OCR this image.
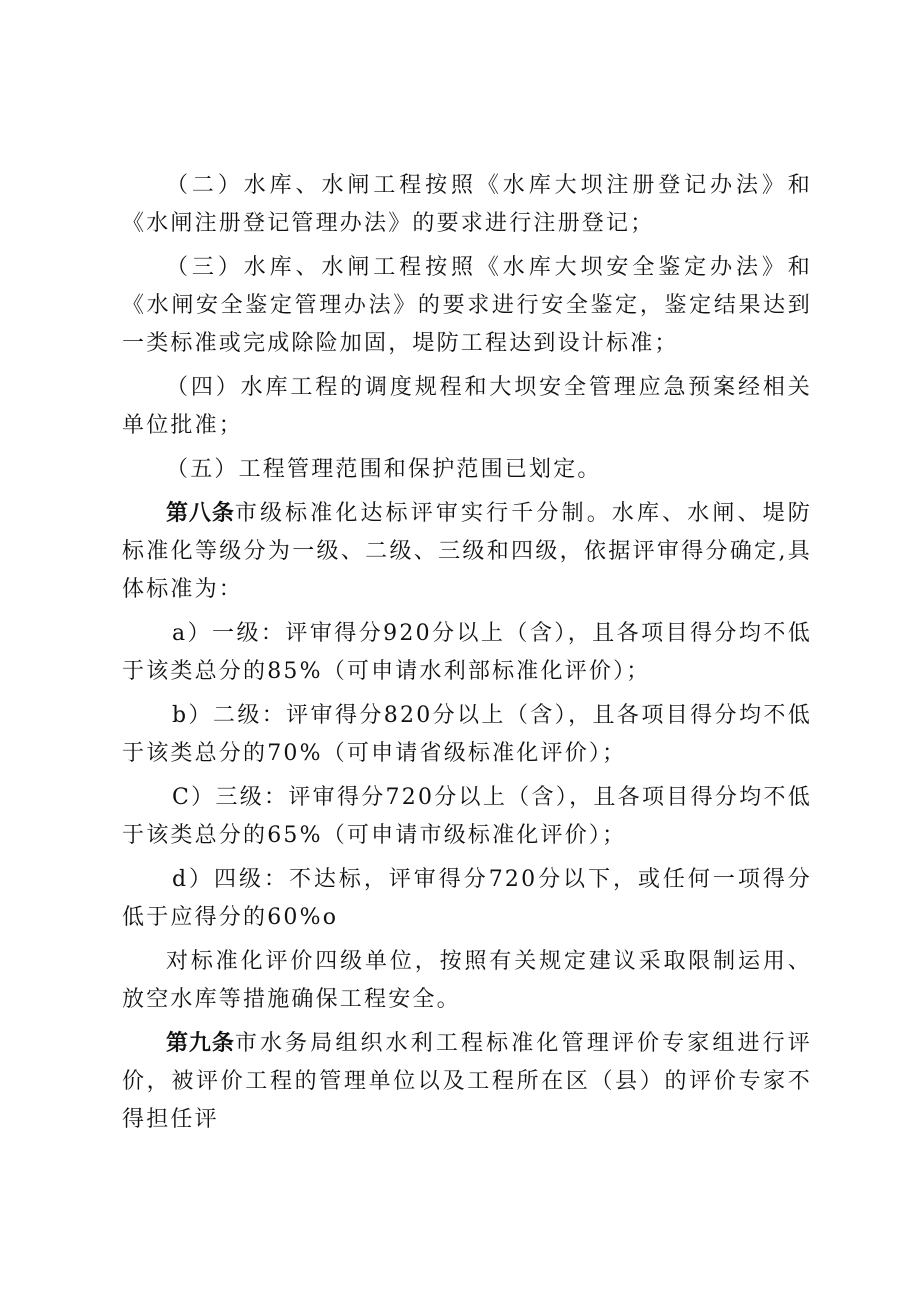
（二）水库、水闸工程按照《水库大坝注册登记办法》和《水闸注册登记管理办法》的要求进行注册登记；

（三）水库、水闸工程按照《水库大坝安全鉴定办法》和《水闸安全鉴定管理办法》的要求进行安全鉴定，鉴定结果达到一类标准或完成除险加固，堤防工程达到设计标准；

（四）水库工程的调度规程和大坝安全管理应急预案经相关单位批准；

（五）工程管理范围和保护范围已划定。

第八条市级标准化达标评审实行千分制。水库、水闸、堤防标准化等级分为一级、二级、三级和四级，依据评审得分确定,具体标准为：

a）一级：评审得分920分以上（含），且各项目得分均不低于该类总分的85%（可申请水利部标准化评价）；

b）二级：评审得分820分以上（含），且各项目得分均不低于该类总分的70%（可申请省级标准化评价）；

C）三级：评审得分720分以上（含），且各项目得分均不低于该类总分的65%（可申请市级标准化评价）；

d）四级：不达标，评审得分720分以下，或任何一项得分低于应得分的60%o

对标准化评价四级单位，按照有关规定建议采取限制运用、放空水库等措施确保工程安全。

第九条市水务局组织水利工程标准化管理评价专家组进行评价，被评价工程的管理单位以及工程所在区（县）的评价专家不得担任评
